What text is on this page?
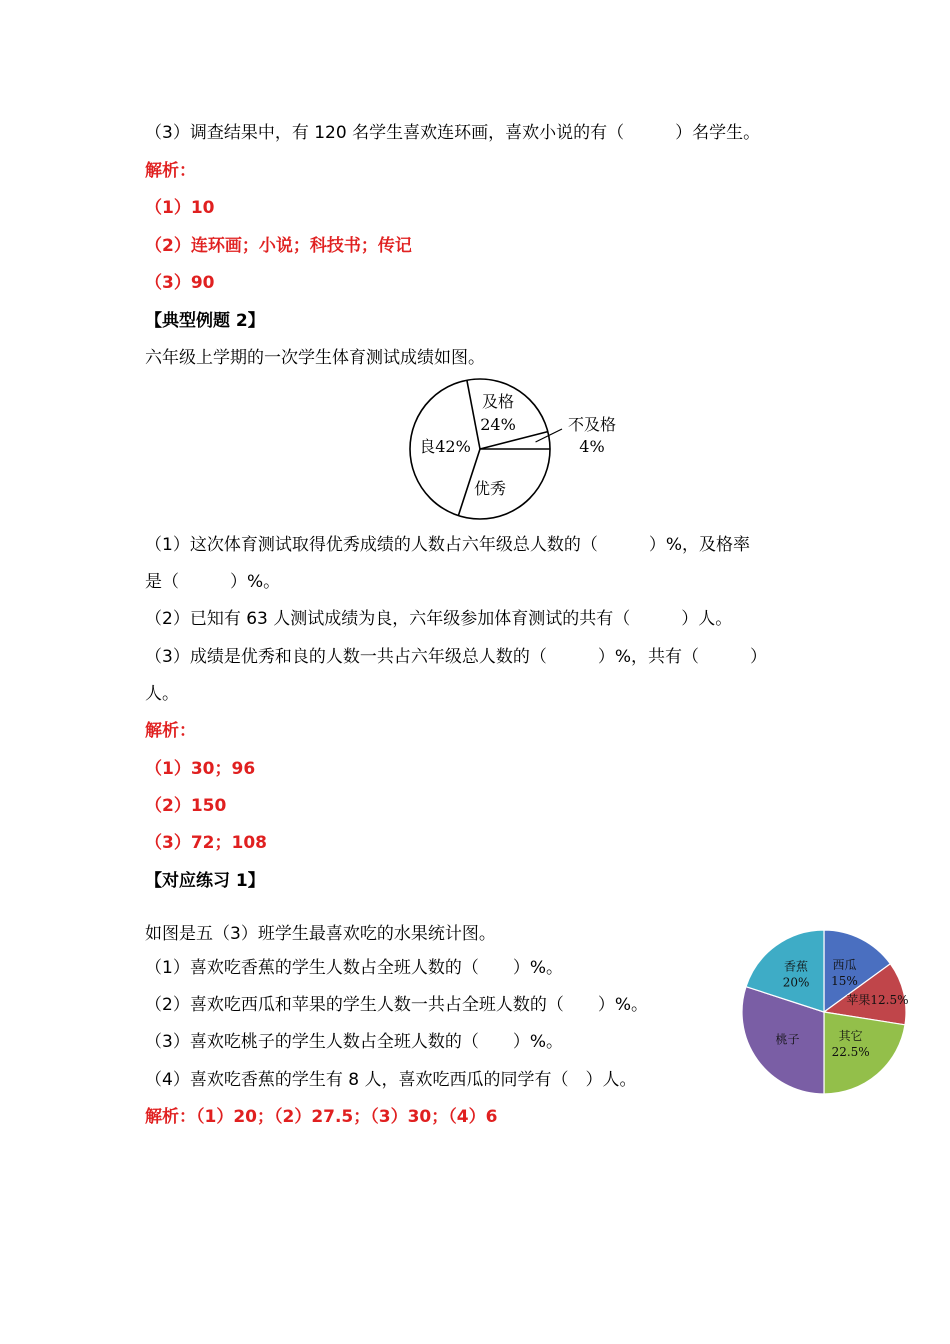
（3）调查结果中，有 120 名学生喜欢连环画，喜欢小说的有（　　　）名学生。
解析：
（1）10
（2）连环画；小说；科技书；传记
（3）90
【典型例题 2】
六年级上学期的一次学生体育测试成绩如图。
及格
24%	不及格
4%
优秀
良42%
（1）这次体育测试取得优秀成绩的人数占六年级总人数的（　　　）%，及格率
是（　　　）%。
（2）已知有 63 人测试成绩为良，六年级参加体育测试的共有（　　　）人。
（3）成绩是优秀和良的人数一共占六年级总人数的（　　　）%，共有（　　　）
人。
解析：
（1）30；96
（2）150
（3）72；108
【对应练习 1】
如图是五（3）班学生最喜欢吃的水果统计图。
（1）喜欢吃香蕉的学生人数占全班人数的（　　）%。
（2）喜欢吃西瓜和苹果的学生人数一共占全班人数的（　　）%。
（3）喜欢吃桃子的学生人数占全班人数的（　　）%。
（4）喜欢吃香蕉的学生有 8 人，喜欢吃西瓜的同学有（　）人。
解析：（1）20；（2）27.5；（3）30；（4）6
西瓜
15%
苹果12.5%
其它
22.5%
桃子
香蕉
20%
